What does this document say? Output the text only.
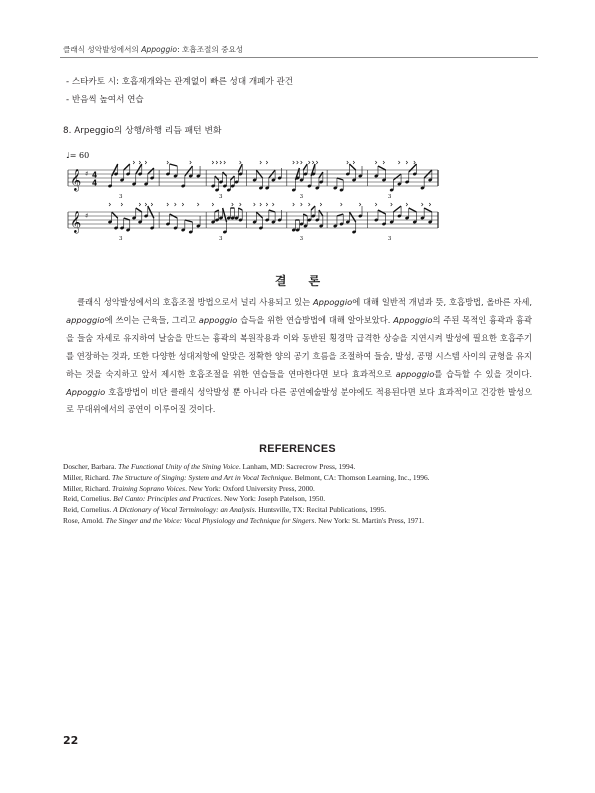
클래식 성악발성에서의 Appoggio: 호흡조절의 중요성
- 스타카토 시: 호흡재개와는 관계없이 빠른 성대 개폐가 관건
- 반음씩 높여서 연습
8. Arpeggio의 상행/하행 리듬 패턴 변화
𝄞 ♯ 4
4
3	3	3	3
𝄞 ♯
3	3	3	3
♩= 60
결론

클래식 성악발성에서의 호흡조절 방법으로서 널리 사용되고 있는 Appoggio에 대해 일반적 개념과 뜻, 호흡방법, 올바른 자세, appoggio에 쓰이는 근육들, 그리고 appoggio 습득을 위한 연습방법에 대해 알아보았다. Appoggio의 주된 목적인 흉곽과 흉곽을 들숨 자세로 유지하여 날숨을 만드는 흉곽의 복원작용과 이와 동반된 횡경막 급격한 상승을 지연시켜 발성에 필요한 호흡주기를 연장하는 것과, 또한 다양한 성대저항에 알맞은 정확한 양의 공기 흐름을 조절하여 들숨, 발성, 공명 시스템 사이의 균형을 유지하는 것을 숙지하고 앞서 제시한 호흡조절을 위한 연습들을 연마한다면 보다 효과적으로 appoggio를 습득할 수 있을 것이다. Appoggio 호흡방법이 비단 클래식 성악발성 뿐 아니라 다른 공연예술발성 분야에도 적용된다면 보다 효과적이고 건강한 발성으로 무대위에서의 공연이 이루어질 것이다.

REFERENCES
Doscher, Barbara. The Functional Unity of the Sining Voice. Lanham, MD: Sacrecrow Press, 1994.
Miller, Richard. The Structure of Singing: System and Art in Vocal Technique. Belmont, CA: Thomson Learning, Inc., 1996.
Miller, Richard. Training Soprano Voices. New York: Oxford University Press, 2000.
Reid, Cornelius. Bel Canto: Principles and Practices. New York: Joseph Patelson, 1950.
Reid, Cornelius. A Dictionary of Vocal Terminology: an Analysis. Huntsville, TX: Recital Publications, 1995.
Rose, Arnold. The Singer and the Voice: Vocal Physiology and Technique for Singers. New York: St. Martin's Press, 1971.
22
